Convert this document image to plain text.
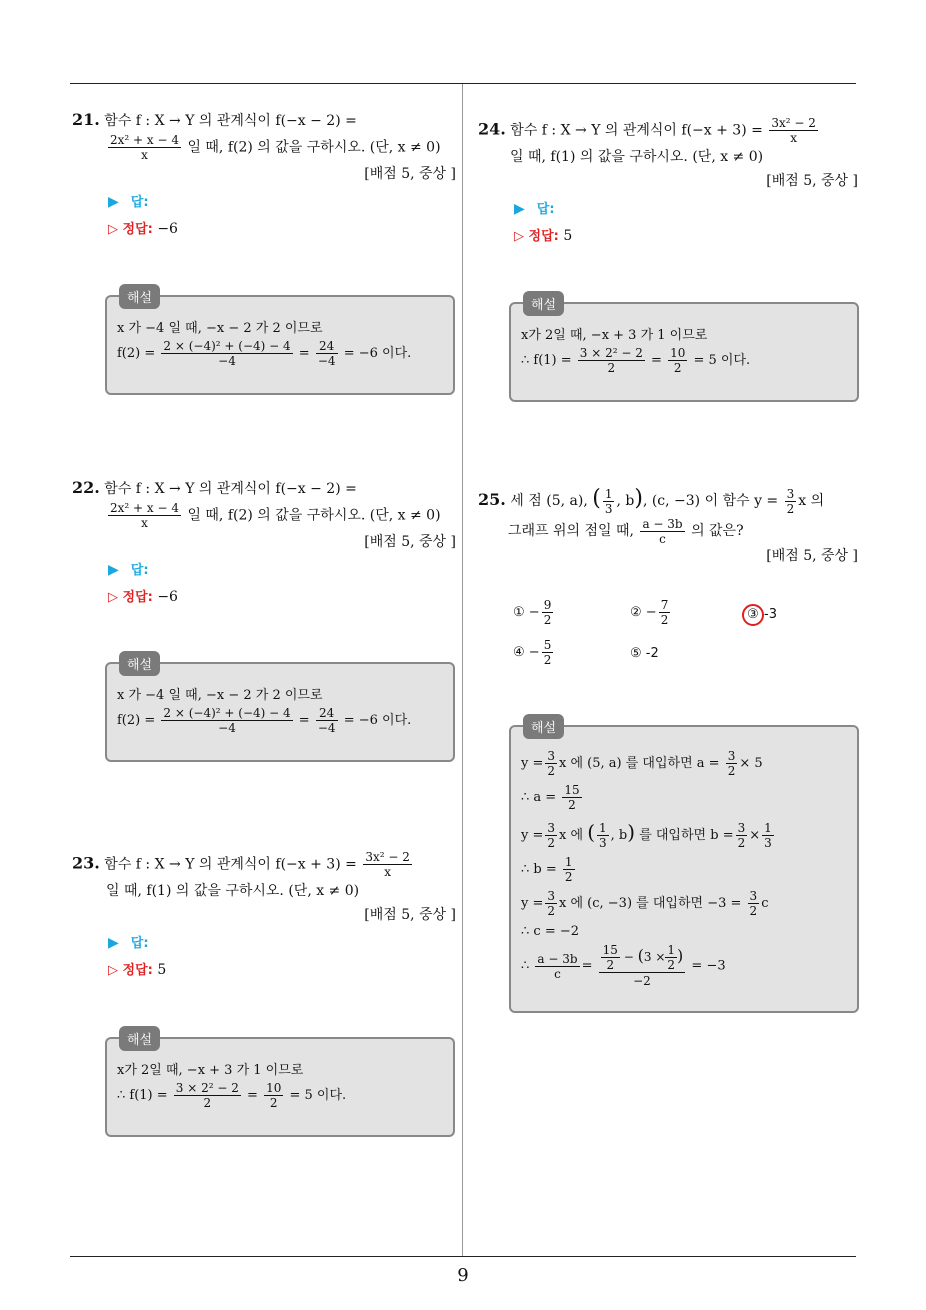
9
21. 함수 f : X → Y 의 관계식이 f(−x − 2) =
$\frac{\text{2x² + x − 4}}{x}$ 일 때, f(2) 의 값을 구하시오. (단, x ≠ 0)
[배점 5, 중상 ]
▶ 답:
▷ 정답: −6
해설
x 가 −4 일 때, −x − 2 가 2 이므로
$f(2) = \frac{\text{2 × (−4)² + (−4) − 4}}{-4} = \frac{24}{-4} = -6$ 이다.
22. 함수 f : X → Y 의 관계식이 f(−x − 2) =
$\frac{\text{2x² + x − 4}}{x}$ 일 때, f(2) 의 값을 구하시오. (단, x ≠ 0)
[배점 5, 중상 ]
▶ 답:
▷ 정답: −6
해설
x 가 −4 일 때, −x − 2 가 2 이므로
$f(2) = \frac{\text{2 × (−4)² + (−4) − 4}}{-4} = \frac{24}{-4} = -6$ 이다.
23. 함수 f : X → Y 의 관계식이 $f(-x + 3) = \frac{\text{3x² − 2}}{x}$
일 때, f(1) 의 값을 구하시오. (단, x ≠ 0)
[배점 5, 중상 ]
▶ 답:
▷ 정답: 5
해설
x가 2일 때, −x + 3 가 1 이므로
∴ $f(1) = \frac{\text{3 × 2² − 2}}{2} = \frac{10}{2} = 5$ 이다.
24. 함수 f : X → Y 의 관계식이 $f(-x + 3) = \frac{\text{3x² − 2}}{x}$
일 때, f(1) 의 값을 구하시오. (단, x ≠ 0)
[배점 5, 중상 ]
▶ 답:
▷ 정답: 5
해설
x가 2일 때, −x + 3 가 1 이므로
∴ $f(1) = \frac{\text{3 × 2² − 2}}{2} = \frac{10}{2} = 5$ 이다.
25. 세 점 (5, a), ( $\frac{1}{3}$ , b), (c, −3) 이 함수 $y = \frac{3}{2}$ x 의
그래프 위의 점일 때, $\frac{a - 3b}{c}$ 의 값은?
[배점 5, 중상 ]
① − $\frac{9}{2}$	② − $\frac{7}{2}$	③ -3
④ − $\frac{5}{2}$	⑤ -2
해설
$y = \frac{3}{2}$ x 에 (5, a) 를 대입하면 $a = \frac{3}{2} \times 5$
∴ $a = \frac{15}{2}$
$y = \frac{3}{2}$ x 에 ( $\frac{1}{3}$ , b) 를 대입하면 $b = \frac{3}{2} \times \frac{1}{3}$
∴ $b = \frac{1}{2}$
$y = \frac{3}{2}$ x 에 (c, −3) 를 대입하면 $-3 = \frac{3}{2}$ c
∴ c = −2
∴ $\frac{a - 3b}{c} = \frac{\frac{15}{2} - (3 \times \frac{1}{2} )}{-2} = -3$
